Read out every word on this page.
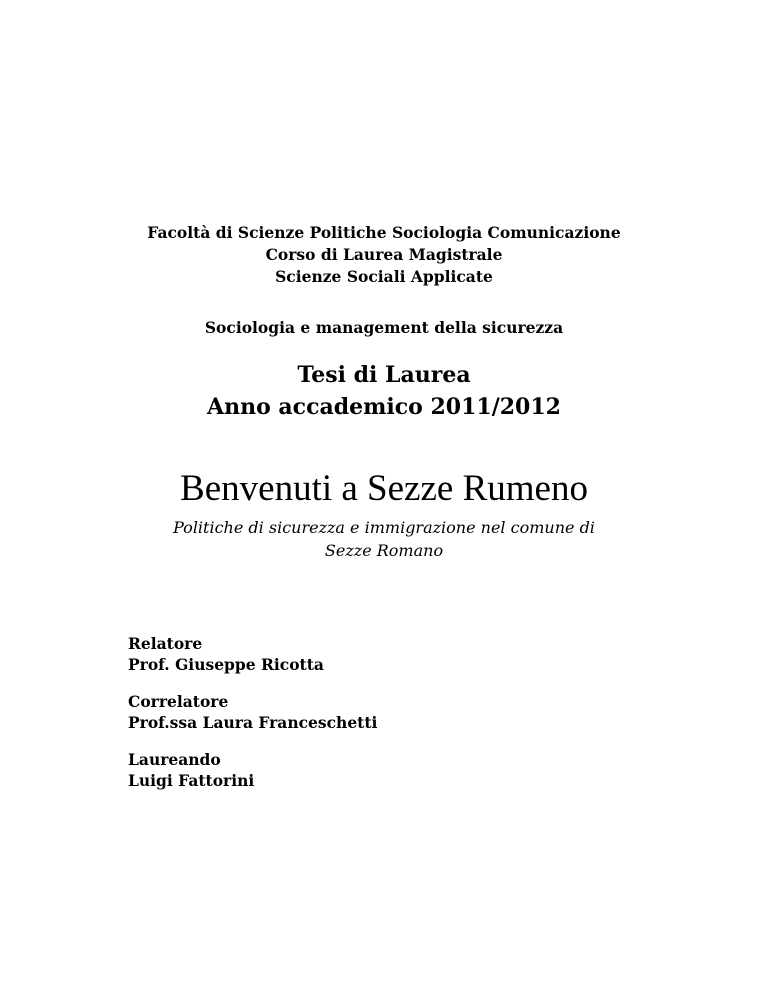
Facoltà di Scienze Politiche Sociologia Comunicazione
Corso di Laurea Magistrale
Scienze Sociali Applicate
Sociologia e management della sicurezza
Tesi di Laurea
Anno accademico 2011/2012
Benvenuti a Sezze Rumeno
Politiche di sicurezza e immigrazione nel comune di
Sezze Romano
Relatore
Prof. Giuseppe Ricotta
Correlatore
Prof.ssa Laura Franceschetti
Laureando
Luigi Fattorini
